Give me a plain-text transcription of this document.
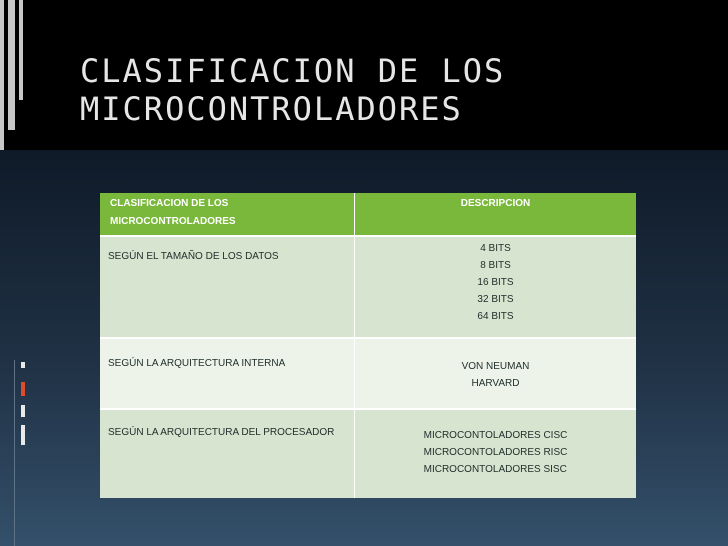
CLASIFICACION DE LOS
MICROCONTROLADORES
CLASIFICACION DE LOS MICROCONTROLADORES	DESCRIPCION
SEGÚN EL TAMAÑO DE LOS DATOS	4 BITS
8 BITS
16 BITS
32 BITS
64 BITS

SEGÚN LA ARQUITECTURA INTERNA	VON NEUMAN
HARVARD

SEGÚN LA ARQUITECTURA DEL PROCESADOR	MICROCONTOLADORES CISC
MICROCONTOLADORES RISC
MICROCONTOLADORES SISC
